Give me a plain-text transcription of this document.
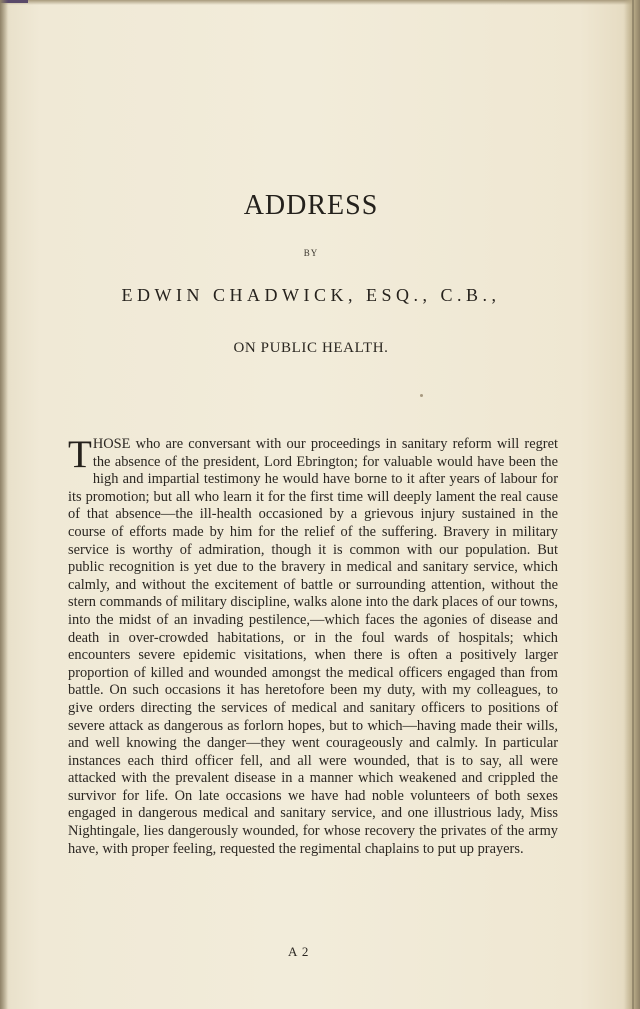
ADDRESS
BY
EDWIN CHADWICK, ESQ., C.B.,
ON PUBLIC HEALTH.
THOSE who are conversant with our proceedings in sanitary reform will regret the absence of the president, Lord Ebrington; for valuable would have been the high and impartial testimony he would have borne to it after years of labour for its promotion; but all who learn it for the first time will deeply lament the real cause of that absence—the ill-health occasioned by a grievous injury sustained in the course of efforts made by him for the relief of the suffering. Bravery in military service is worthy of admiration, though it is common with our population. But public recognition is yet due to the bravery in medical and sanitary service, which calmly, and without the excitement of battle or surrounding attention, without the stern commands of military discipline, walks alone into the dark places of our towns, into the midst of an invading pestilence,—which faces the agonies of disease and death in over-crowded habitations, or in the foul wards of hospitals; which encounters severe epidemic visitations, when there is often a positively larger proportion of killed and wounded amongst the medical officers engaged than from battle. On such occasions it has heretofore been my duty, with my colleagues, to give orders directing the services of medical and sanitary officers to positions of severe attack as dangerous as forlorn hopes, but to which—having made their wills, and well knowing the danger—they went courageously and calmly. In particular instances each third officer fell, and all were wounded, that is to say, all were attacked with the prevalent disease in a manner which weakened and crippled the survivor for life. On late occasions we have had noble volunteers of both sexes engaged in dangerous medical and sanitary service, and one illustrious lady, Miss Nightingale, lies dangerously wounded, for whose recovery the privates of the army have, with proper feeling, requested the regimental chaplains to put up prayers.
A 2
